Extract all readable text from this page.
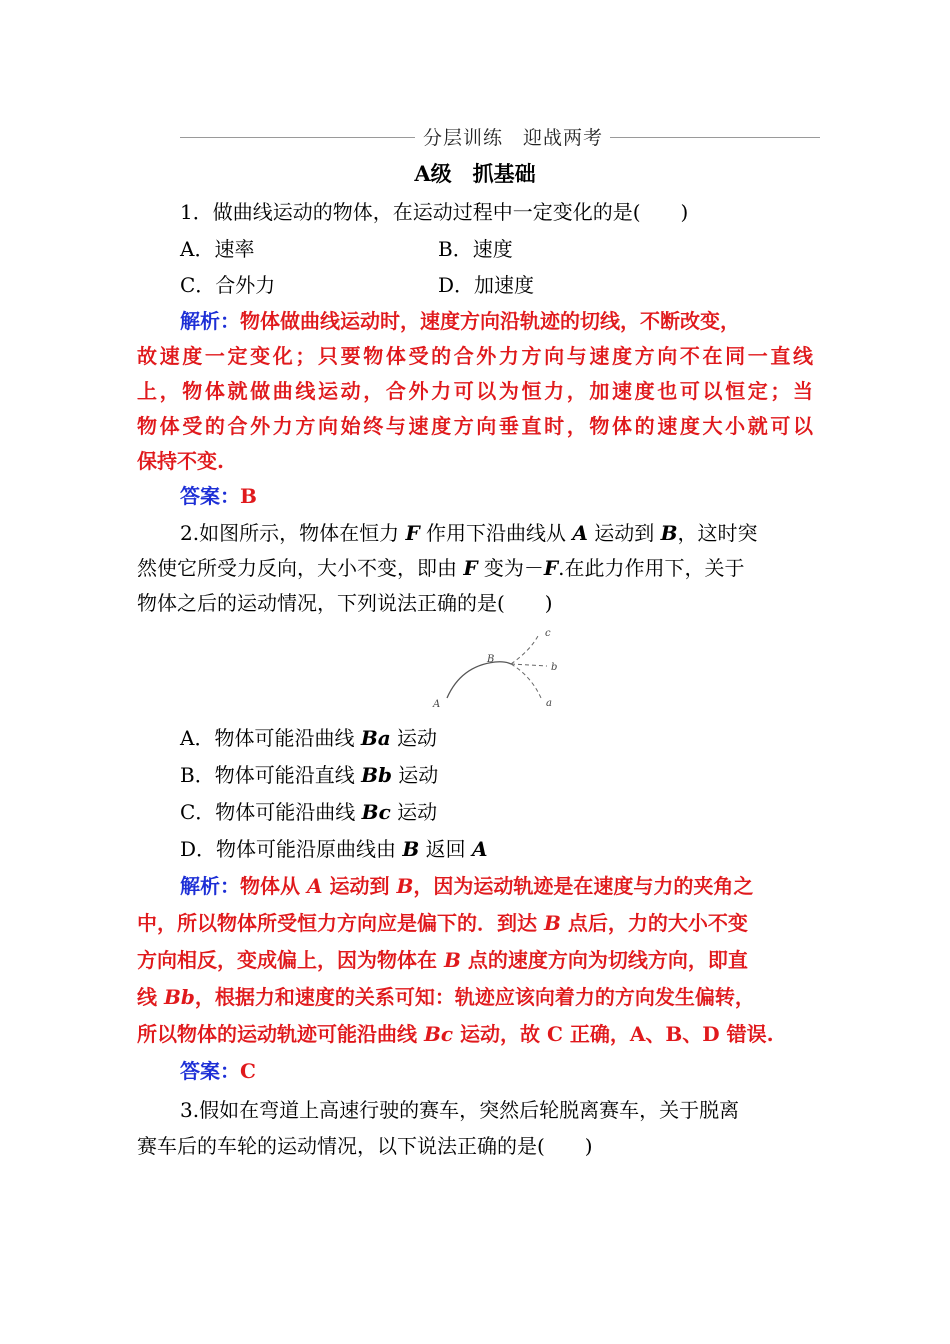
分层训练　迎战两考
A级　抓基础
1．做曲线运动的物体，在运动过程中一定变化的是(　　)
A．速率	B．速度
C．合外力	D．加速度
解析：物体做曲线运动时，速度方向沿轨迹的切线，不断改变，
故速度一定变化；只要物体受的合外力方向与速度方向不在同一直线
上，物体就做曲线运动，合外力可以为恒力，加速度也可以恒定；当
物体受的合外力方向始终与速度方向垂直时，物体的速度大小就可以
保持不变.
答案：B
2.如图所示，物体在恒力 F 作用下沿曲线从 A 运动到 B，这时突
然使它所受力反向，大小不变，即由 F 变为－F.在此力作用下，关于
物体之后的运动情况，下列说法正确的是(　　)
A
B
c
b
a
A．物体可能沿曲线 Ba 运动
B．物体可能沿直线 Bb 运动
C．物体可能沿曲线 Bc 运动
D．物体可能沿原曲线由 B 返回 A
解析：物体从 A 运动到 B，因为运动轨迹是在速度与力的夹角之
中，所以物体所受恒力方向应是偏下的．到达 B 点后，力的大小不变
方向相反，变成偏上，因为物体在 B 点的速度方向为切线方向，即直
线 Bb，根据力和速度的关系可知：轨迹应该向着力的方向发生偏转，
所以物体的运动轨迹可能沿曲线 Bc 运动，故 C 正确，A、B、D 错误.
答案：C
3.假如在弯道上高速行驶的赛车，突然后轮脱离赛车，关于脱离
赛车后的车轮的运动情况，以下说法正确的是(　　)
